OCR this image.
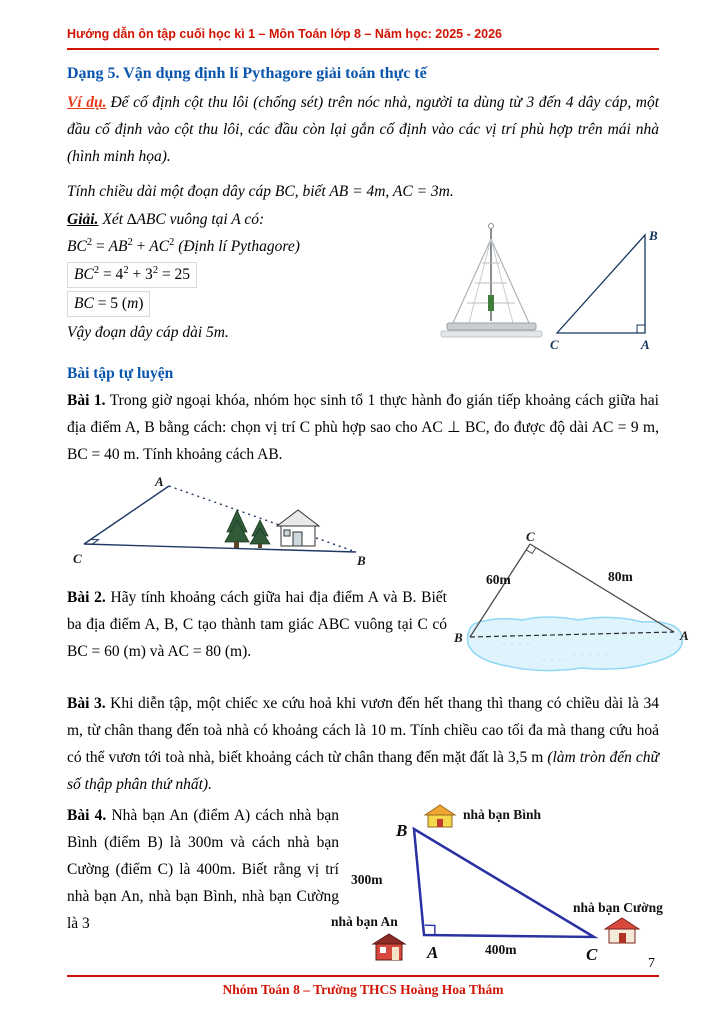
Hướng dẫn ôn tập cuối học kì 1 – Môn Toán lớp 8 – Năm học: 2025 - 2026
Dạng 5. Vận dụng định lí Pythagore giải toán thực tế

Ví dụ. Để cố định cột thu lôi (chống sét) trên nóc nhà, người ta dùng từ 3 đến 4 dây cáp, một đầu cố định vào cột thu lôi, các đầu còn lại gắn cố định vào các vị trí phù hợp trên mái nhà (hình minh họa).

Tính chiều dài một đoạn dây cáp BC, biết AB = 4m, AC = 3m.

Giải. Xét ∆ABC vuông tại A có:

$BC^2 = AB^2 + AC^2$ (Định lí Pythagore)

$BC^2 = 4^2 + 3^2 = 25$

BC = 5 (m)

Vậy đoạn dây cáp dài 5m.

B
A
C
Bài tập tự luyện

Bài 1. Trong giờ ngoại khóa, nhóm học sinh tổ 1 thực hành đo gián tiếp khoảng cách giữa hai địa điểm A, B bằng cách: chọn vị trí C phù hợp sao cho AC ⊥ BC, đo được độ dài AC = 9 m, BC = 40 m. Tính khoảng cách AB.

A
C	B

Bài 2. Hãy tính khoảng cách giữa hai địa điểm A và B. Biết ba địa điểm A, B, C tạo thành tam giác ABC vuông tại C có BC = 60 (m) và AC = 80 (m).

60m	80m
B
C
A

Bài 3. Khi diễn tập, một chiếc xe cứu hoả khi vươn đến hết thang thì thang có chiều dài là 34 m, từ chân thang đến toà nhà có khoảng cách là 10 m. Tính chiều cao tối đa mà thang cứu hoả có thể vươn tới toà nhà, biết khoảng cách từ chân thang đến mặt đất là 3,5 m (làm tròn đến chữ số thập phân thứ nhất).

Bài 4. Nhà bạn An (điểm A) cách nhà bạn Bình (điểm B) là 300m và cách nhà bạn Cường (điểm C) là 400m. Biết rằng vị trí nhà bạn An, nhà bạn Bình, nhà bạn Cường là 3

B
A	C
300m
400m
nhà bạn Bình
nhà bạn An
nhà bạn Cường
7
Nhóm Toán 8 – Trường THCS Hoàng Hoa Thám
